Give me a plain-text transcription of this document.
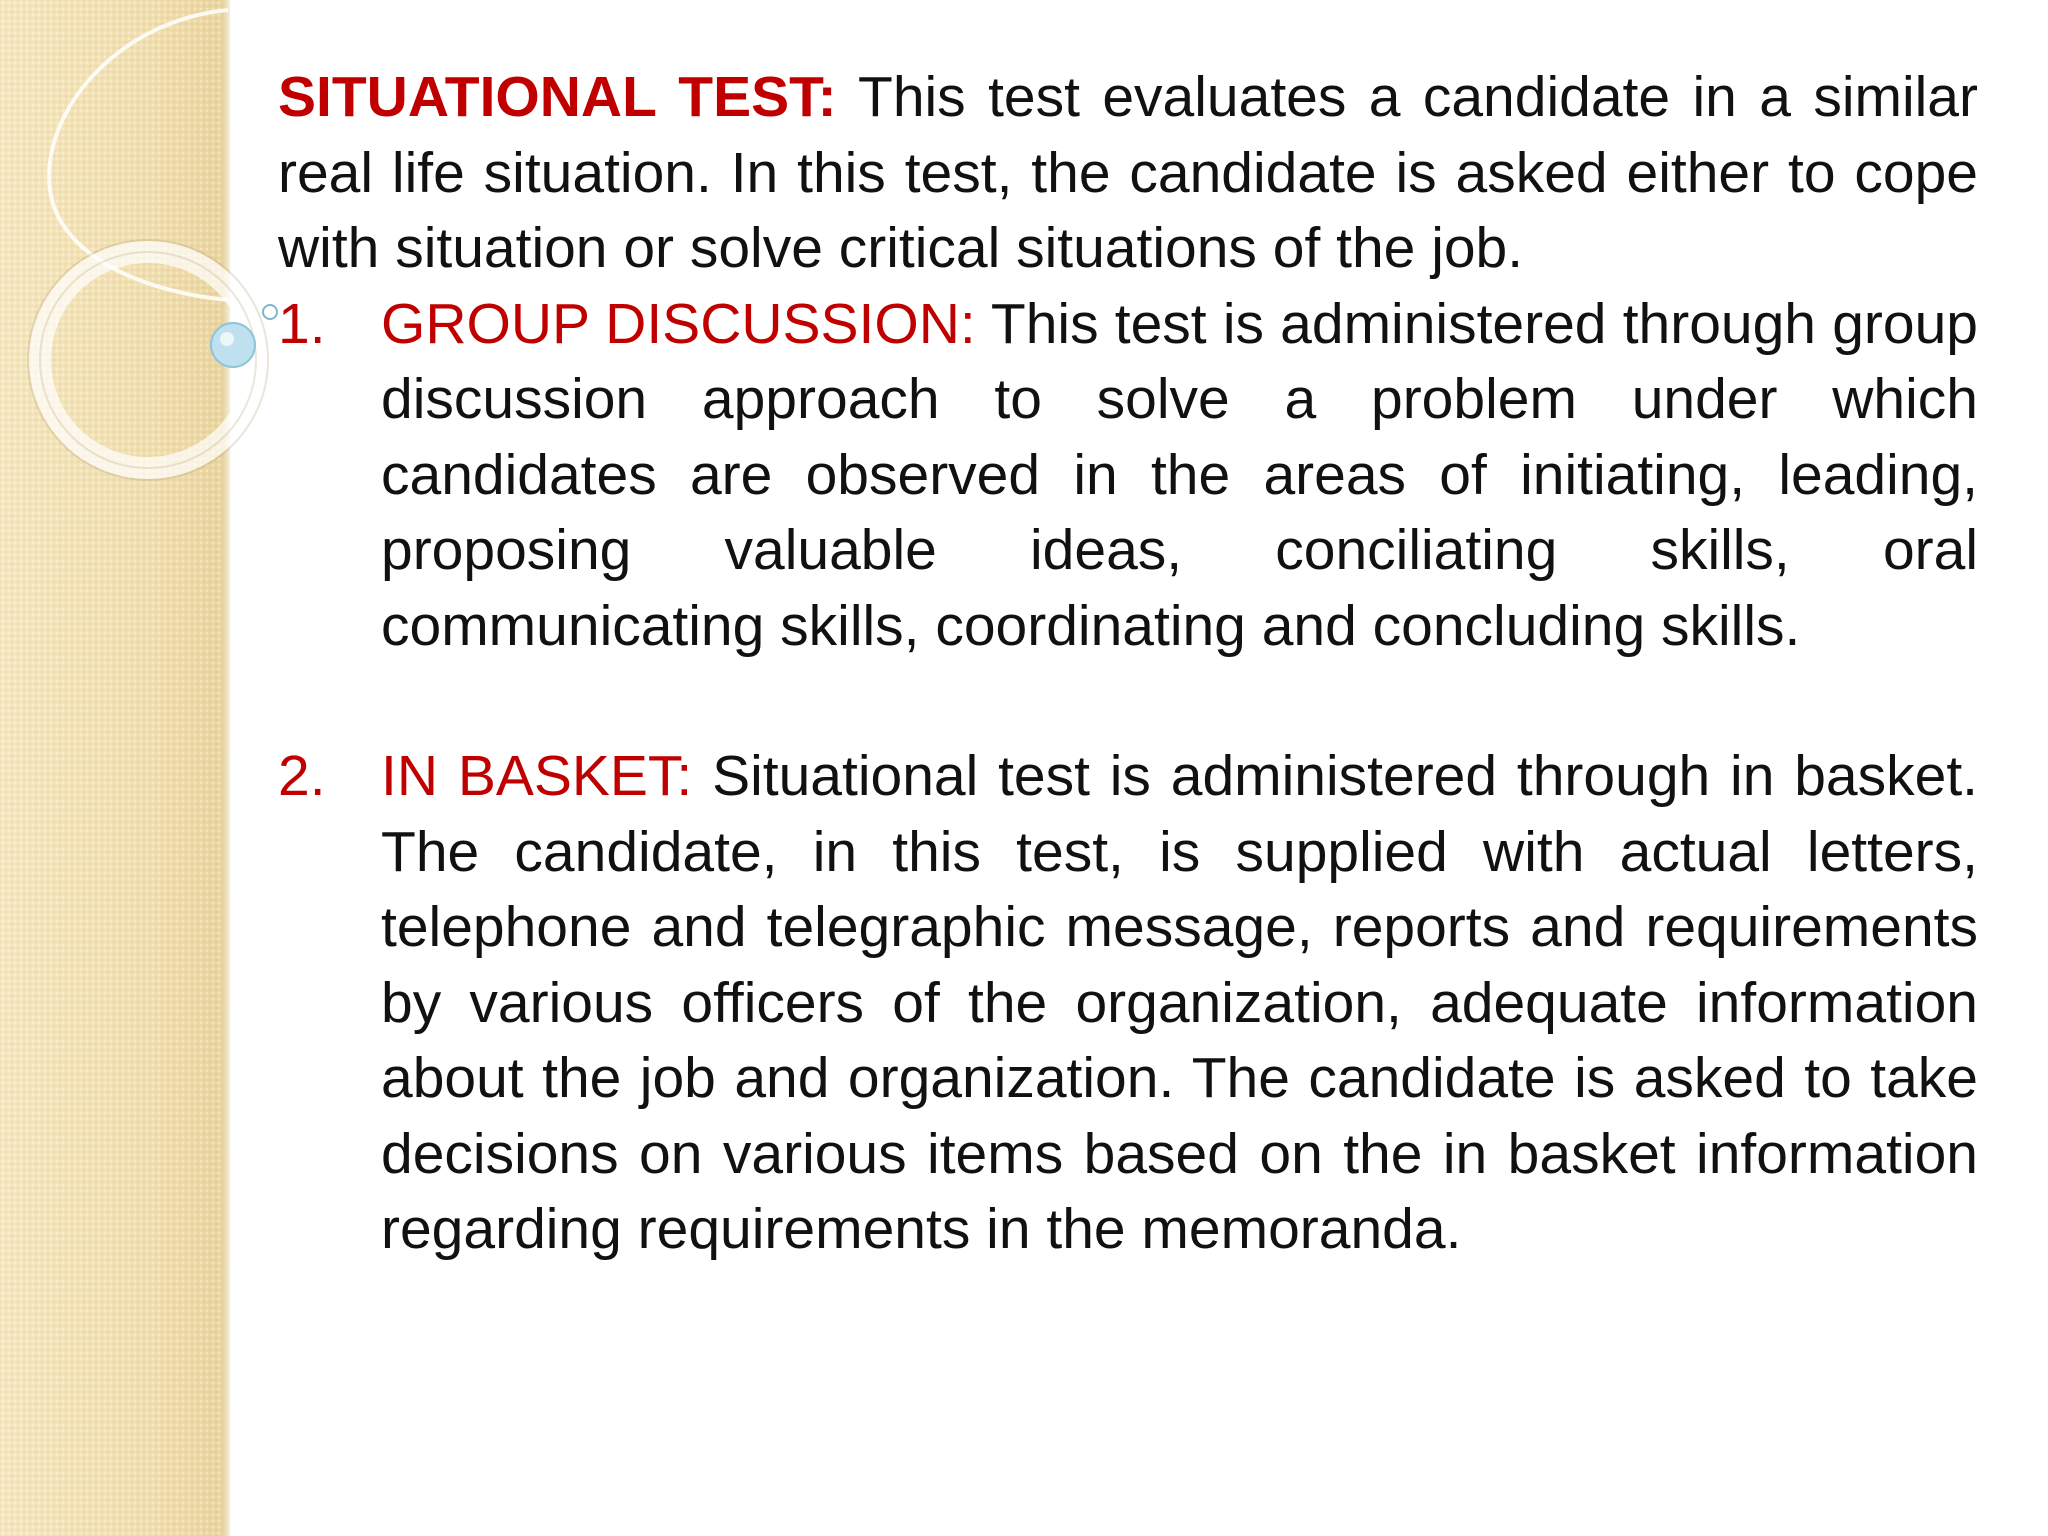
SITUATIONAL TEST: This test evaluates a candidate in a similar real life situation. In this test, the candidate is asked either to cope with situation or solve critical situations of the job.

1. GROUP DISCUSSION: This test is administered through group discussion approach to solve a problem under which candidates are observed in the areas of initiating, leading, proposing valuable ideas, conciliating skills, oral communicating skills, coordinating and concluding skills.
2. IN BASKET: Situational test is administered through in basket. The candidate, in this test, is supplied with actual letters, telephone and telegraphic message, reports and requirements by various officers of the organization, adequate information about the job and organization. The candidate is asked to take decisions on various items based on the in basket information regarding requirements in the memoranda.
